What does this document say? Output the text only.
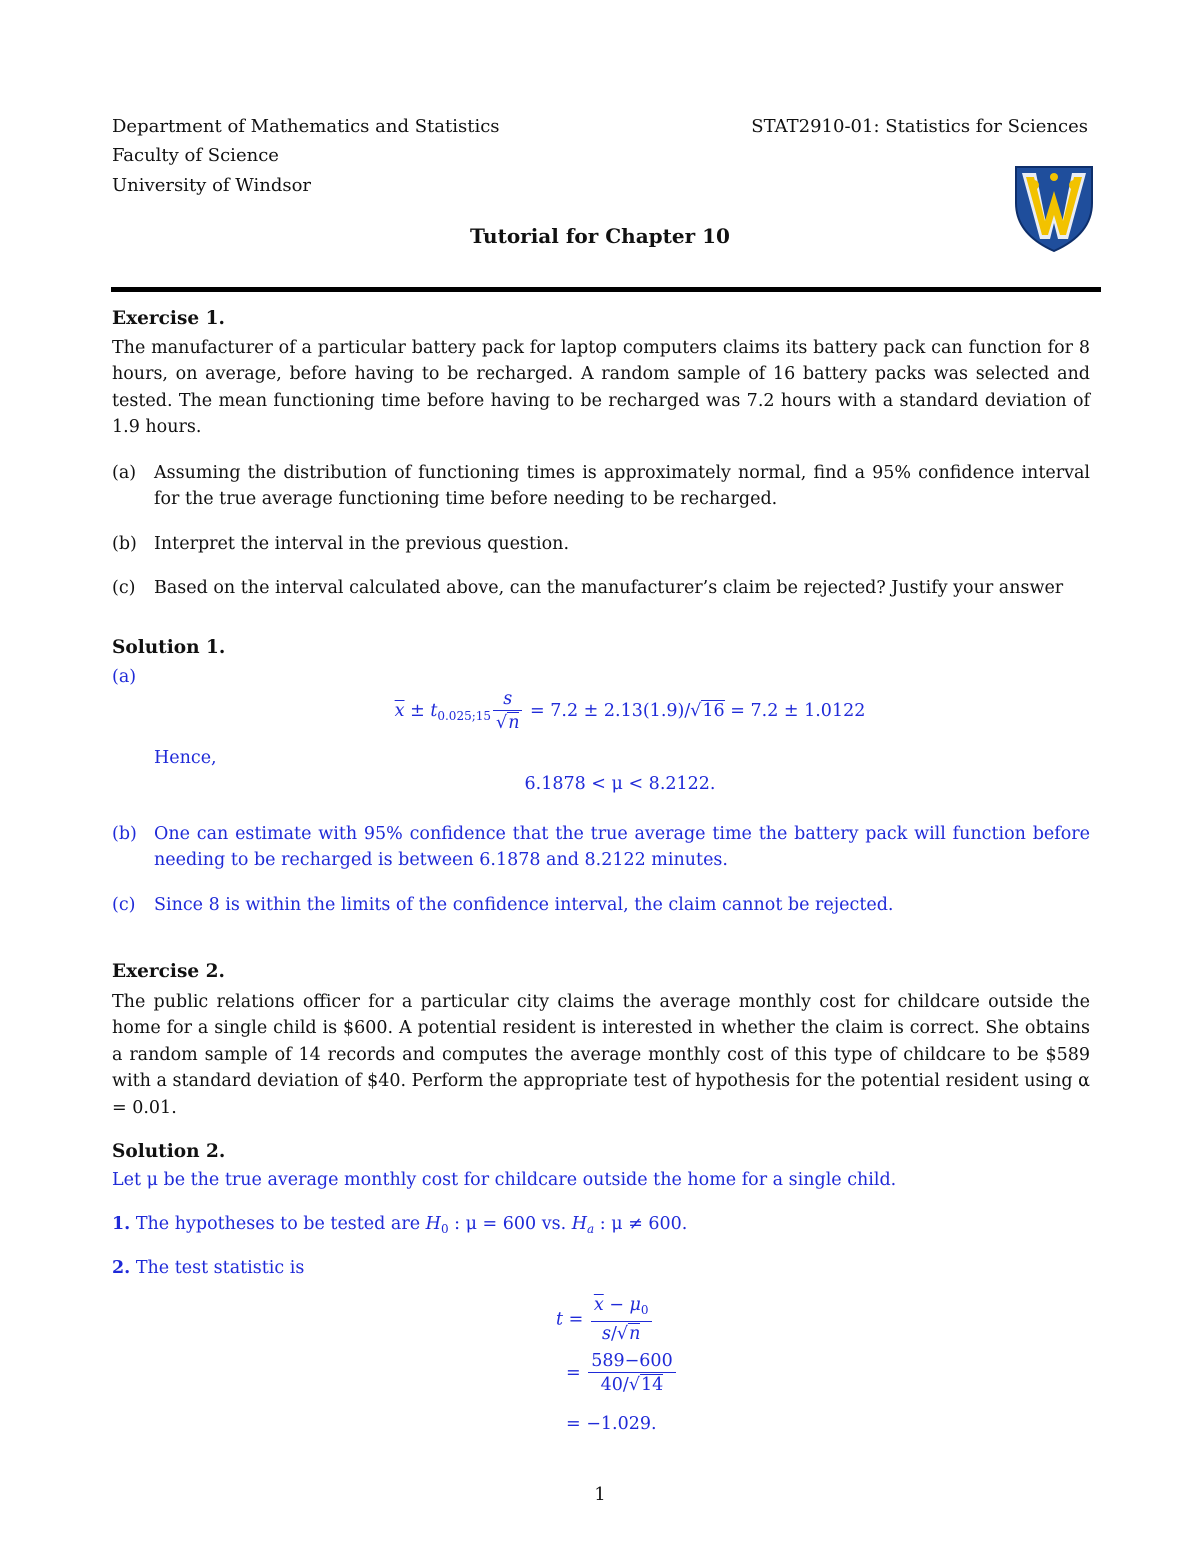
Department of Mathematics and Statistics
Faculty of Science
University of Windsor
STAT2910-01: Statistics for Sciences
Tutorial for Chapter 10
Exercise 1.
The manufacturer of a particular battery pack for laptop computers claims its battery pack can function for 8 hours, on average, before having to be recharged. A random sample of 16 battery packs was selected and tested. The mean functioning time before having to be recharged was 7.2 hours with a standard deviation of 1.9 hours.
(a) Assuming the distribution of functioning times is approximately normal, find a 95% confidence interval for the true average functioning time before needing to be recharged.
(b) Interpret the interval in the previous question.
(c) Based on the interval calculated above, can the manufacturer’s claim be rejected? Justify your answer
Solution 1.
(a)
$\overline{x} \pm t_{0.025;15} \frac{s}{√n} = 7.2 \pm 2.13(1.9)/√16 = 7.2 \pm 1.0122$
Hence,
6.1878 < μ < 8.2122.
(b) One can estimate with 95% confidence that the true average time the battery pack will function before needing to be recharged is between 6.1878 and 8.2122 minutes.
(c) Since 8 is within the limits of the confidence interval, the claim cannot be rejected.
Exercise 2.
The public relations officer for a particular city claims the average monthly cost for childcare outside the home for a single child is $600. A potential resident is interested in whether the claim is correct. She obtains a random sample of 14 records and computes the average monthly cost of this type of childcare to be $589 with a standard deviation of $40. Perform the appropriate test of hypothesis for the potential resident using α = 0.01.
Solution 2.
Let μ be the true average monthly cost for childcare outside the home for a single child.
1. The hypotheses to be tested are $H_0$ : μ = 600 vs. $H_a$ : μ ≠ 600.
2. The test statistic is
$t = \frac{\overline{x} - \mu_0}{s/√n}$
= $\frac{589-600}{40/√14}$
= −1.029.
1
